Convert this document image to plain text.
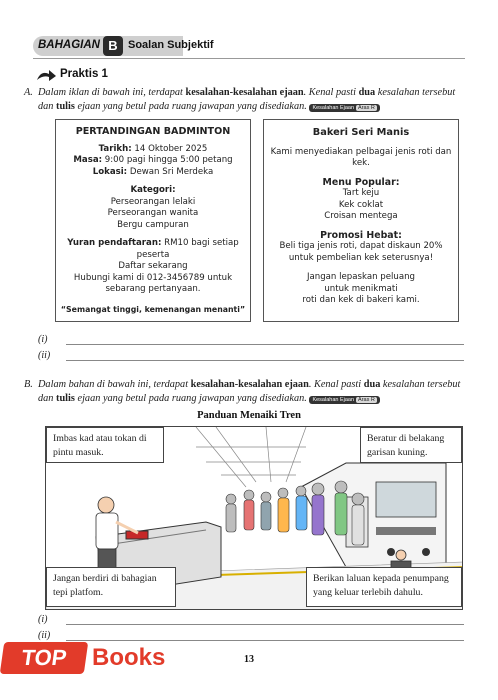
BAHAGIAN B Soalan Subjektif
Praktis 1
A. Dalam iklan di bawah ini, terdapat kesalahan-kesalahan ejaan. Kenal pasti dua kesalahan tersebut dan tulis ejaan yang betul pada ruang jawapan yang disediakan. Kesalahan Ejaan Aras R

PERTANDINGAN BADMINTON

Tarikh: 14 Oktober 2025

Masa: 9:00 pagi hingga 5:00 petang

Lokasi: Dewan Sri Merdeka

Kategori:

Perseorangan lelaki

Perseorangan wanita

Bergu campuran

Yuran pendaftaran: RM10 bagi setiap

peserta

Daftar sekarang

Hubungi kami di 012-3456789 untuk

sebarang pertanyaan.

“Semangat tinggi, kemenangan menanti”

Bakeri Seri Manis

Kami menyediakan pelbagai jenis roti dan

kek.

Menu Popular:

Tart keju

Kek coklat

Croisan mentega

Promosi Hebat:

Beli tiga jenis roti, dapat diskaun 20%

untuk pembelian kek seterusnya!

Jangan lepaskan peluang

untuk menikmati

roti dan kek di bakeri kami.

(i)
(ii)
B. Dalam bahan di bawah ini, terdapat kesalahan-kesalahan ejaan. Kenal pasti dua kesalahan tersebut dan tulis ejaan yang betul pada ruang jawapan yang disediakan. Kesalahan Ejaan Aras R
Panduan Menaiki Tren
Imbas kad atau tokan di pintu masuk.
Beratur di belakang garisan kuning.
Jangan berdiri di bahagian tepi platfom.
Berikan laluan kepada penumpang yang keluar terlebih dahulu.
(i)
(ii)
13
TOP Books
